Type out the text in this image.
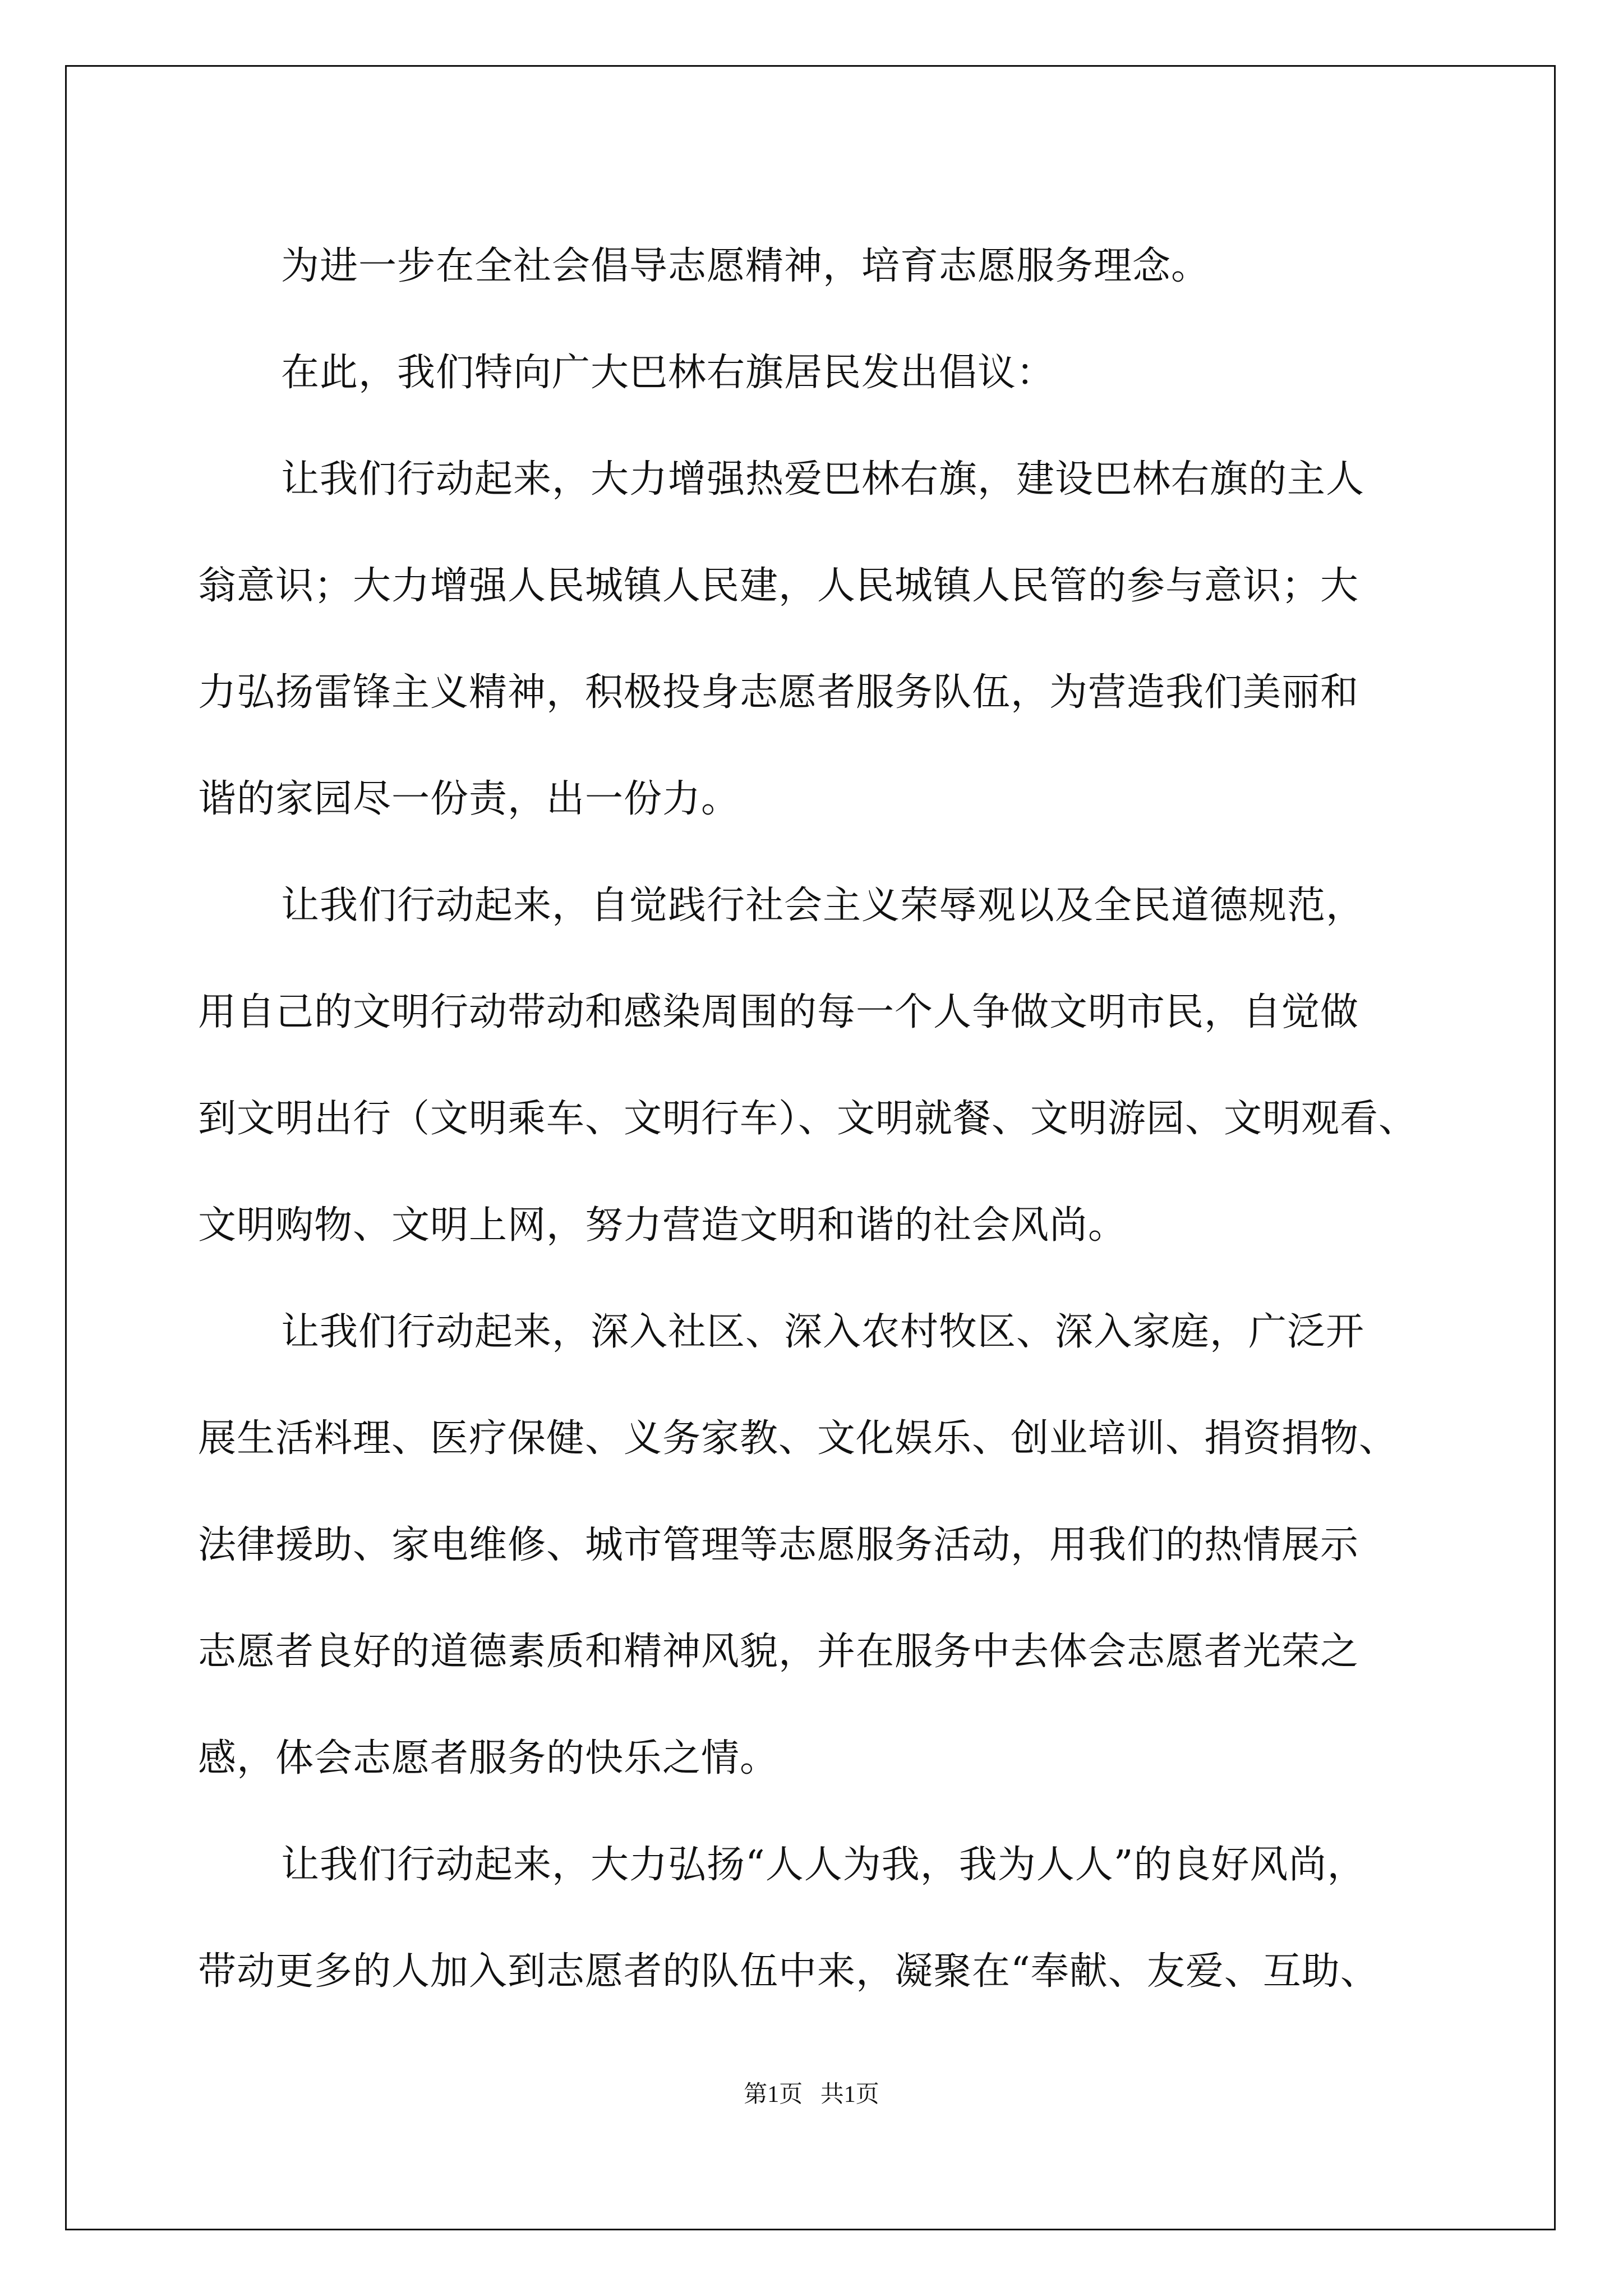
为进一步在全社会倡导志愿精神，培育志愿服务理念。
在此，我们特向广大巴林右旗居民发出倡议：
让我们行动起来，大力增强热爱巴林右旗，建设巴林右旗的主人
翁意识；大力增强人民城镇人民建，人民城镇人民管的参与意识；大
力弘扬雷锋主义精神，积极投身志愿者服务队伍，为营造我们美丽和
谐的家园尽一份责，出一份力。
让我们行动起来，自觉践行社会主义荣辱观以及全民道德规范，
用自己的文明行动带动和感染周围的每一个人争做文明市民，自觉做
到文明出行（文明乘车、文明行车）、文明就餐、文明游园、文明观看、
文明购物、文明上网，努力营造文明和谐的社会风尚。
让我们行动起来，深入社区、深入农村牧区、深入家庭，广泛开
展生活料理、医疗保健、义务家教、文化娱乐、创业培训、捐资捐物、
法律援助、家电维修、城市管理等志愿服务活动，用我们的热情展示
志愿者良好的道德素质和精神风貌，并在服务中去体会志愿者光荣之
感，体会志愿者服务的快乐之情。
让我们行动起来，大力弘扬“人人为我，我为人人”的良好风尚，
带动更多的人加入到志愿者的队伍中来，凝聚在“奉献、友爱、互助、
第1页 共1页
